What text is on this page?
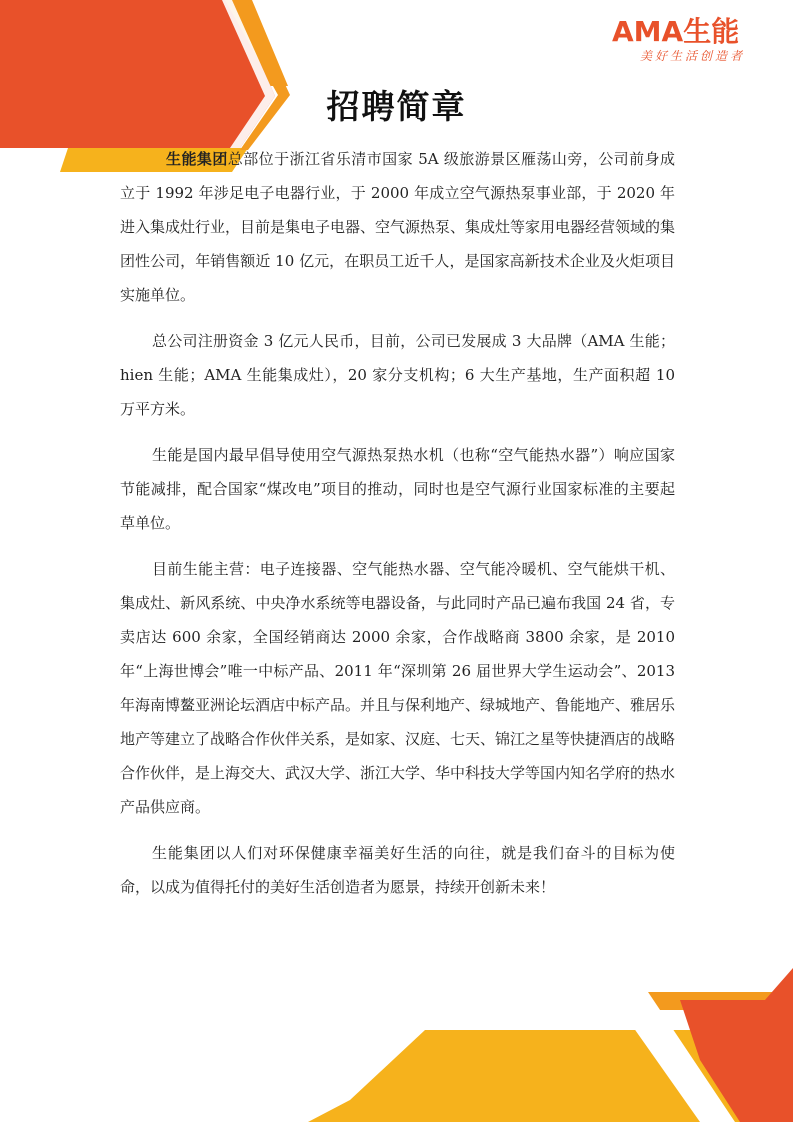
AMA生能
美好生活创造者
招聘简章

生能集团总部位于浙江省乐清市国家 5A 级旅游景区雁荡山旁，公司前身成立于 1992 年涉足电子电器行业，于 2000 年成立空气源热泵事业部，于 2020 年进入集成灶行业，目前是集电子电器、空气源热泵、集成灶等家用电器经营领域的集团性公司，年销售额近 10 亿元，在职员工近千人，是国家高新技术企业及火炬项目实施单位。

总公司注册资金 3 亿元人民币，目前，公司已发展成 3 大品牌（AMA 生能；hien 生能；AMA 生能集成灶），20 家分支机构；6 大生产基地，生产面积超 10 万平方米。

生能是国内最早倡导使用空气源热泵热水机（也称“空气能热水器”）响应国家节能减排，配合国家“煤改电”项目的推动，同时也是空气源行业国家标准的主要起草单位。

目前生能主营：电子连接器、空气能热水器、空气能冷暖机、空气能烘干机、集成灶、新风系统、中央净水系统等电器设备，与此同时产品已遍布我国 24 省，专卖店达 600 余家，全国经销商达 2000 余家，合作战略商 3800 余家，是 2010 年“上海世博会”唯一中标产品、2011 年“深圳第 26 届世界大学生运动会”、2013 年海南博鳌亚洲论坛酒店中标产品。并且与保利地产、绿城地产、鲁能地产、雅居乐地产等建立了战略合作伙伴关系，是如家、汉庭、七天、锦江之星等快捷酒店的战略合作伙伴，是上海交大、武汉大学、浙江大学、华中科技大学等国内知名学府的热水产品供应商。

生能集团以人们对环保健康幸福美好生活的向往，就是我们奋斗的目标为使命，以成为值得托付的美好生活创造者为愿景，持续开创新未来！
